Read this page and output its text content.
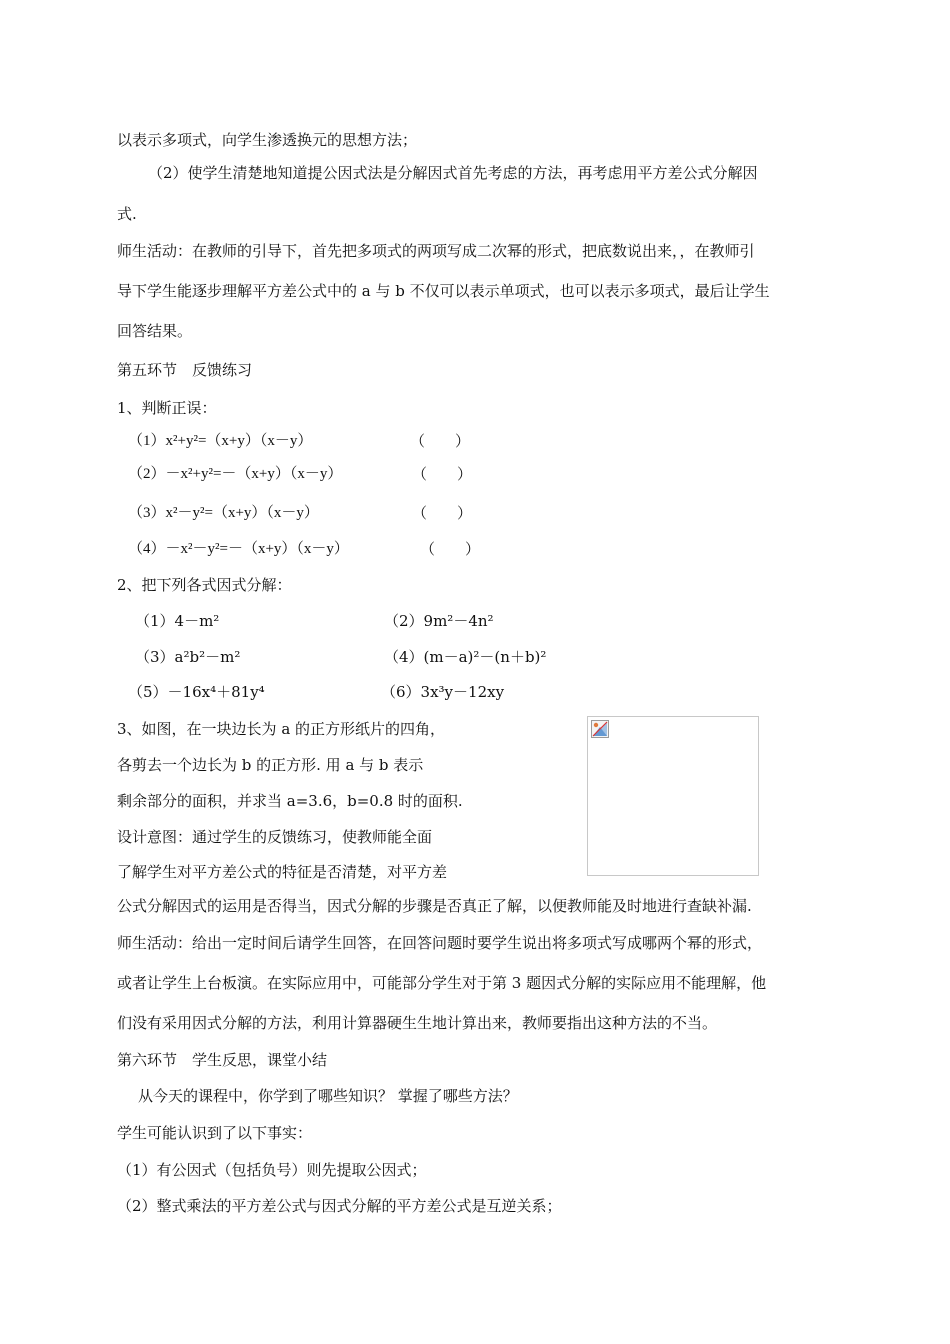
以表示多项式，向学生渗透换元的思想方法；
（2）使学生清楚地知道提公因式法是分解因式首先考虑的方法，再考虑用平方差公式分解因
式.
师生活动：在教师的引导下，首先把多项式的两项写成二次幂的形式，把底数说出来，，在教师引
导下学生能逐步理解平方差公式中的 a 与 b 不仅可以表示单项式，也可以表示多项式，最后让学生
回答结果。
第五环节　反馈练习
1、判断正误：
（1）x²+y²=（x+y）（x－y）	（　　）
（2）－x²+y²=－（x+y）（x－y）	（　　）
（3）x²－y²=（x+y）（x－y）	（　　）
（4）－x²－y²=－（x+y）（x－y）	（　　）
2、把下列各式因式分解：
（1）4－m²	（2）9m²－4n²
（3）a²b²－m²	（4）(m－a)²－(n＋b)²
（5）－16x⁴＋81y⁴	（6）3x³y－12xy
3、如图，在一块边长为 a 的正方形纸片的四角，
各剪去一个边长为 b 的正方形. 用 a 与 b 表示
剩余部分的面积，并求当 a=3.6，b=0.8 时的面积.
设计意图：通过学生的反馈练习，使教师能全面
了解学生对平方差公式的特征是否清楚，对平方差
公式分解因式的运用是否得当，因式分解的步骤是否真正了解，以便教师能及时地进行查缺补漏.
师生活动：给出一定时间后请学生回答，在回答问题时要学生说出将多项式写成哪两个幂的形式，
或者让学生上台板演。在实际应用中，可能部分学生对于第 3 题因式分解的实际应用不能理解，他
们没有采用因式分解的方法，利用计算器硬生生地计算出来，教师要指出这种方法的不当。
第六环节　学生反思，课堂小结
从今天的课程中，你学到了哪些知识？ 掌握了哪些方法？
学生可能认识到了以下事实：
（1）有公因式（包括负号）则先提取公因式；
（2）整式乘法的平方差公式与因式分解的平方差公式是互逆关系；
